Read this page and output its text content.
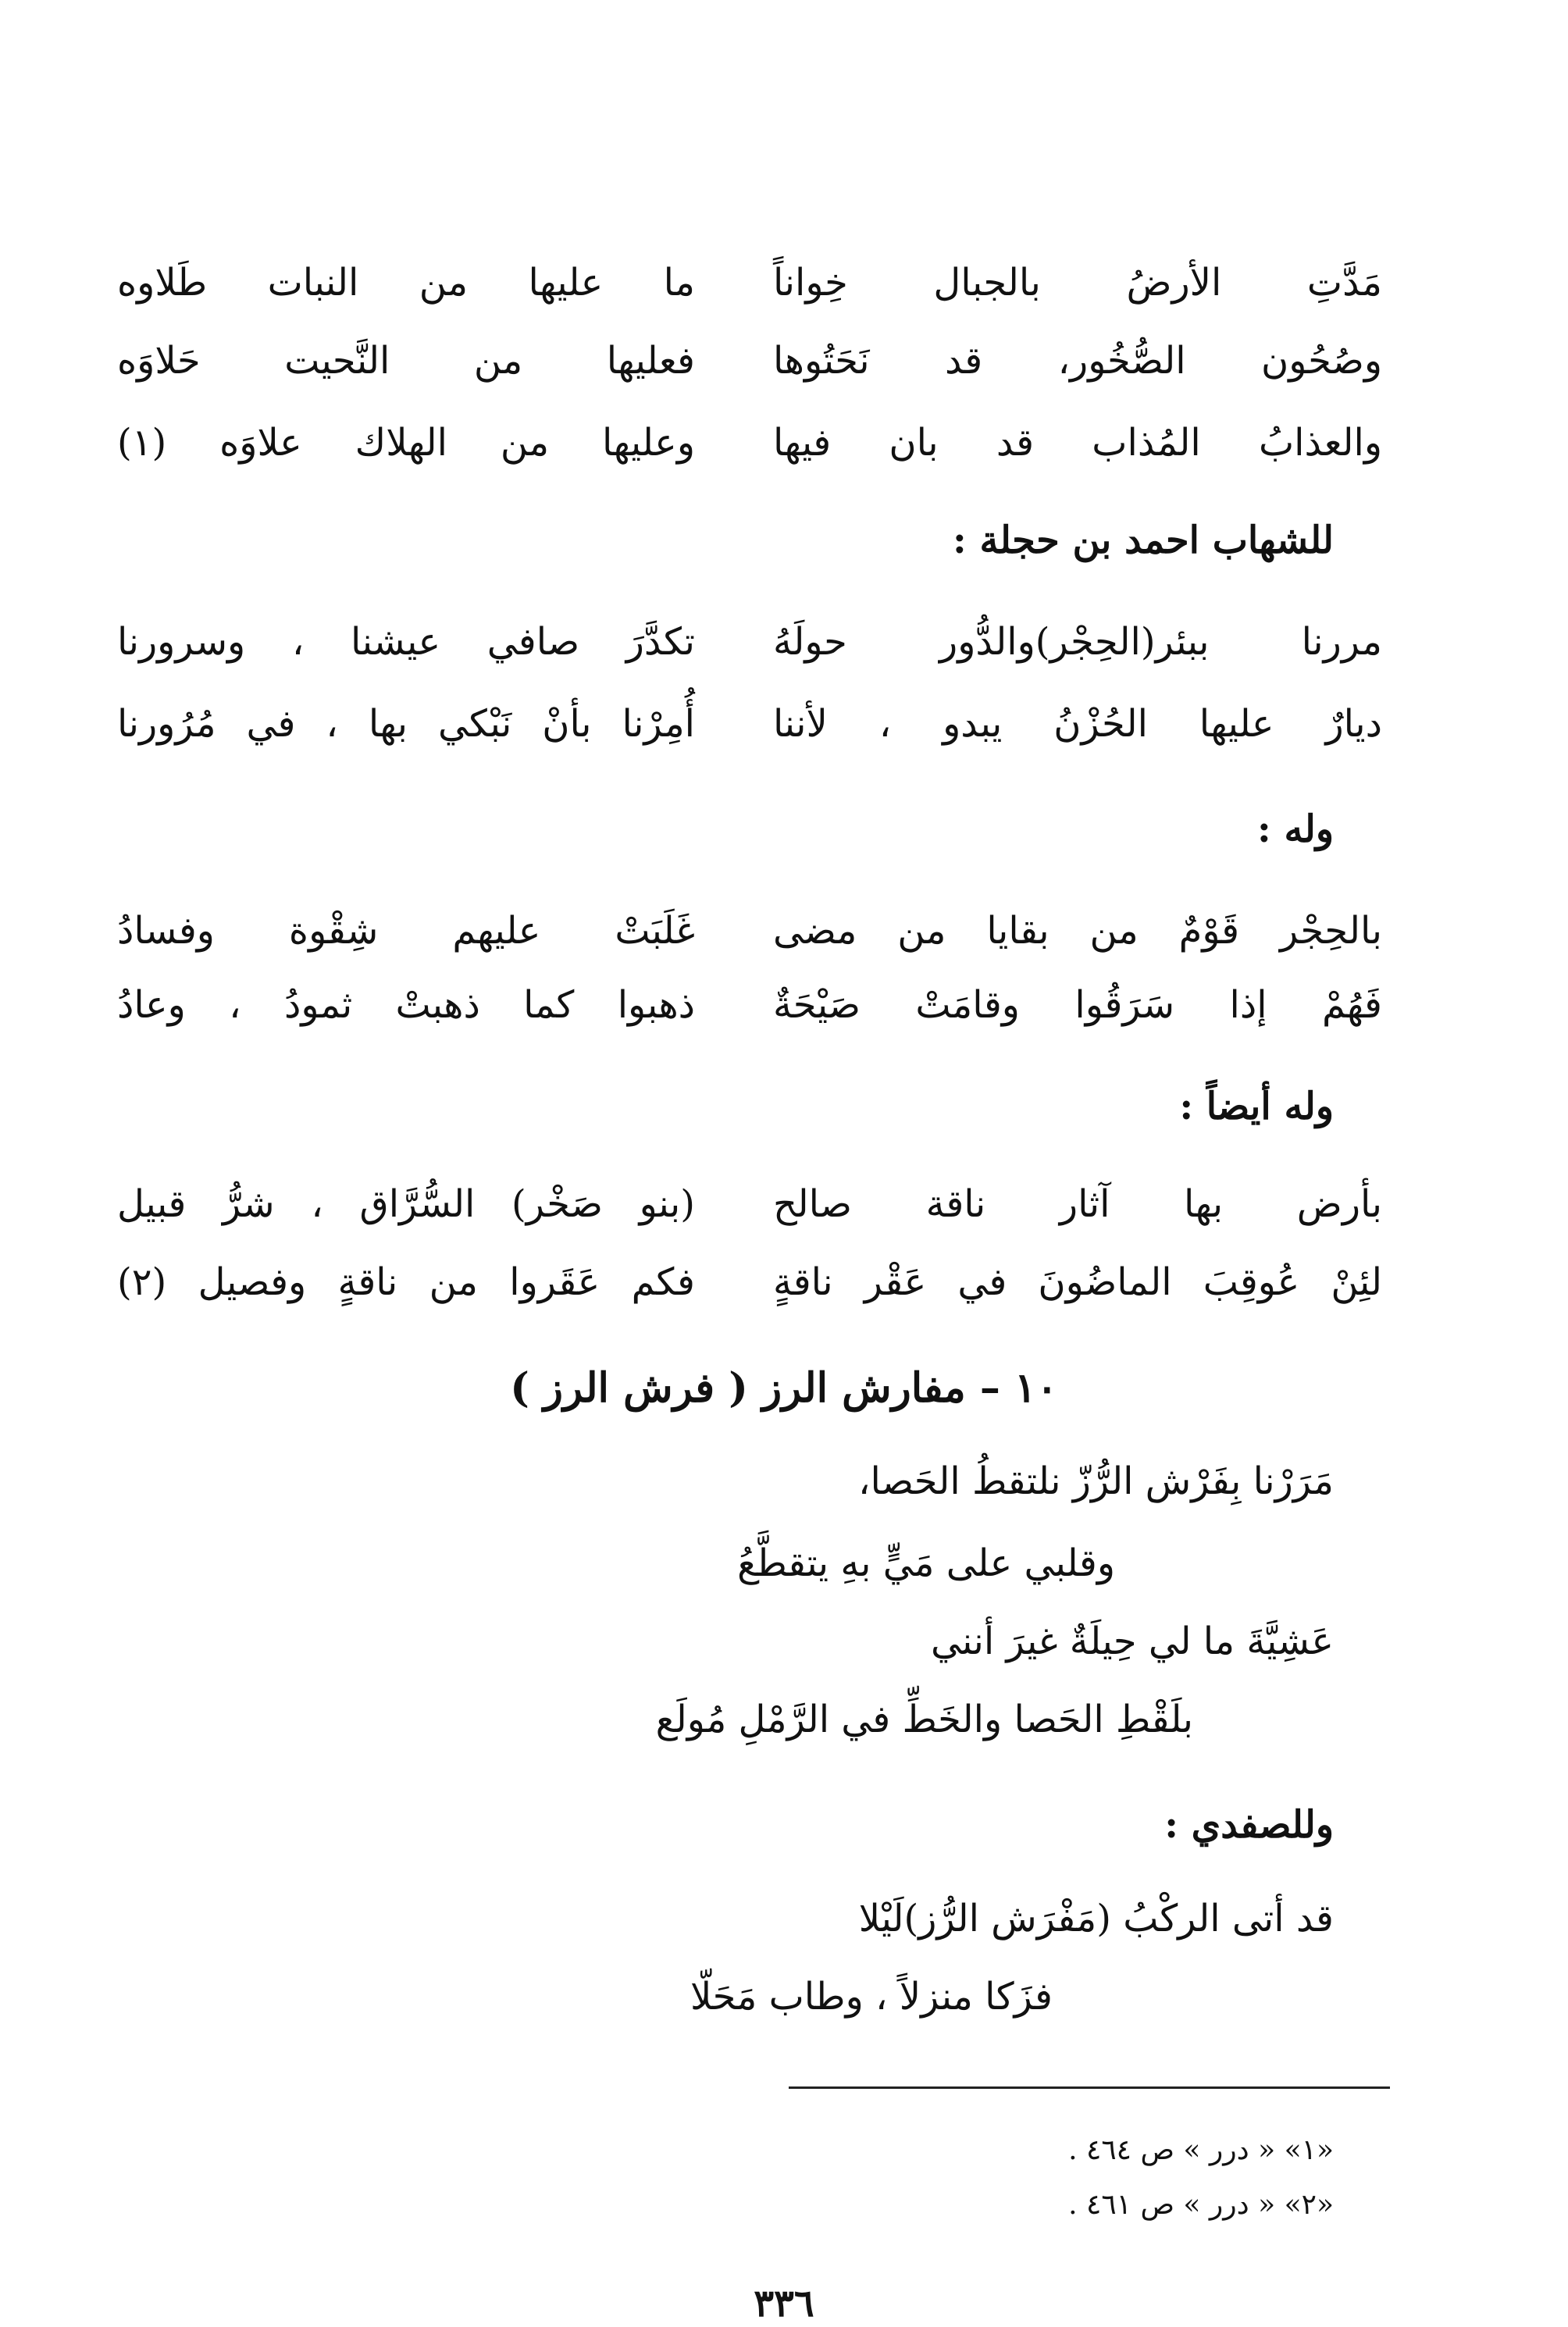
مَدَّتِ الأرضُ بالجبال خِواناً
ما عليها من النبات طَلاوه
وصُحُون الصُّخُور، قد نَحَتُوها
فعليها من النَّحيت حَلاوَه
والعذابُ المُذاب قد بان فيها
وعليها من الهلاك علاوَه (١)
للشهاب احمد بن حجلة :
مررنا ببئر(الحِجْر)والدُّور حولَهُ
تكدَّرَ صافي عيشنا ، وسرورنا
ديارٌ عليها الحُزْنُ يبدو ، لأننا
أُمِرْنا بأنْ نَبْكي بها ، في مُرُورنا
وله :
بالحِجْر قَوْمٌ من بقايا من مضى
غَلَبَتْ عليهم شِقْوة وفسادُ
فَهُمْ إذا سَرَقُوا وقامَتْ صَيْحَةٌ
ذهبوا كما ذهبتْ ثمودُ ، وعادُ
وله أيضاً :
بأرض بها آثار ناقة صالح
(بنو صَخْر) السُّرَّاق ، شرُّ قبيل
لئِنْ عُوقِبَ الماضُونَ في عَقْر ناقةٍ
فكم عَقَروا من ناقةٍ وفصيل (٢)
١٠ – مفارش الرز ( فرش الرز )
مَرَرْنا بِفَرْش الرُّزّ نلتقطُ الحَصا،
وقلبي على مَيٍّ بهِ يتقطَّعُ
عَشِيَّةَ ما لي حِيلَةٌ غيرَ أنني
بلَقْطِ الحَصا والخَطِّ في الرَّمْلِ مُولَع
وللصفدي :
قد أتى الركْبُ (مَفْرَش الرُّز)لَيْلا
فزَكا منزلاً ، وطاب مَحَلّا
«١» « درر » ص ٤٦٤ .
«٢» « درر » ص ٤٦١ .
٣٣٦
